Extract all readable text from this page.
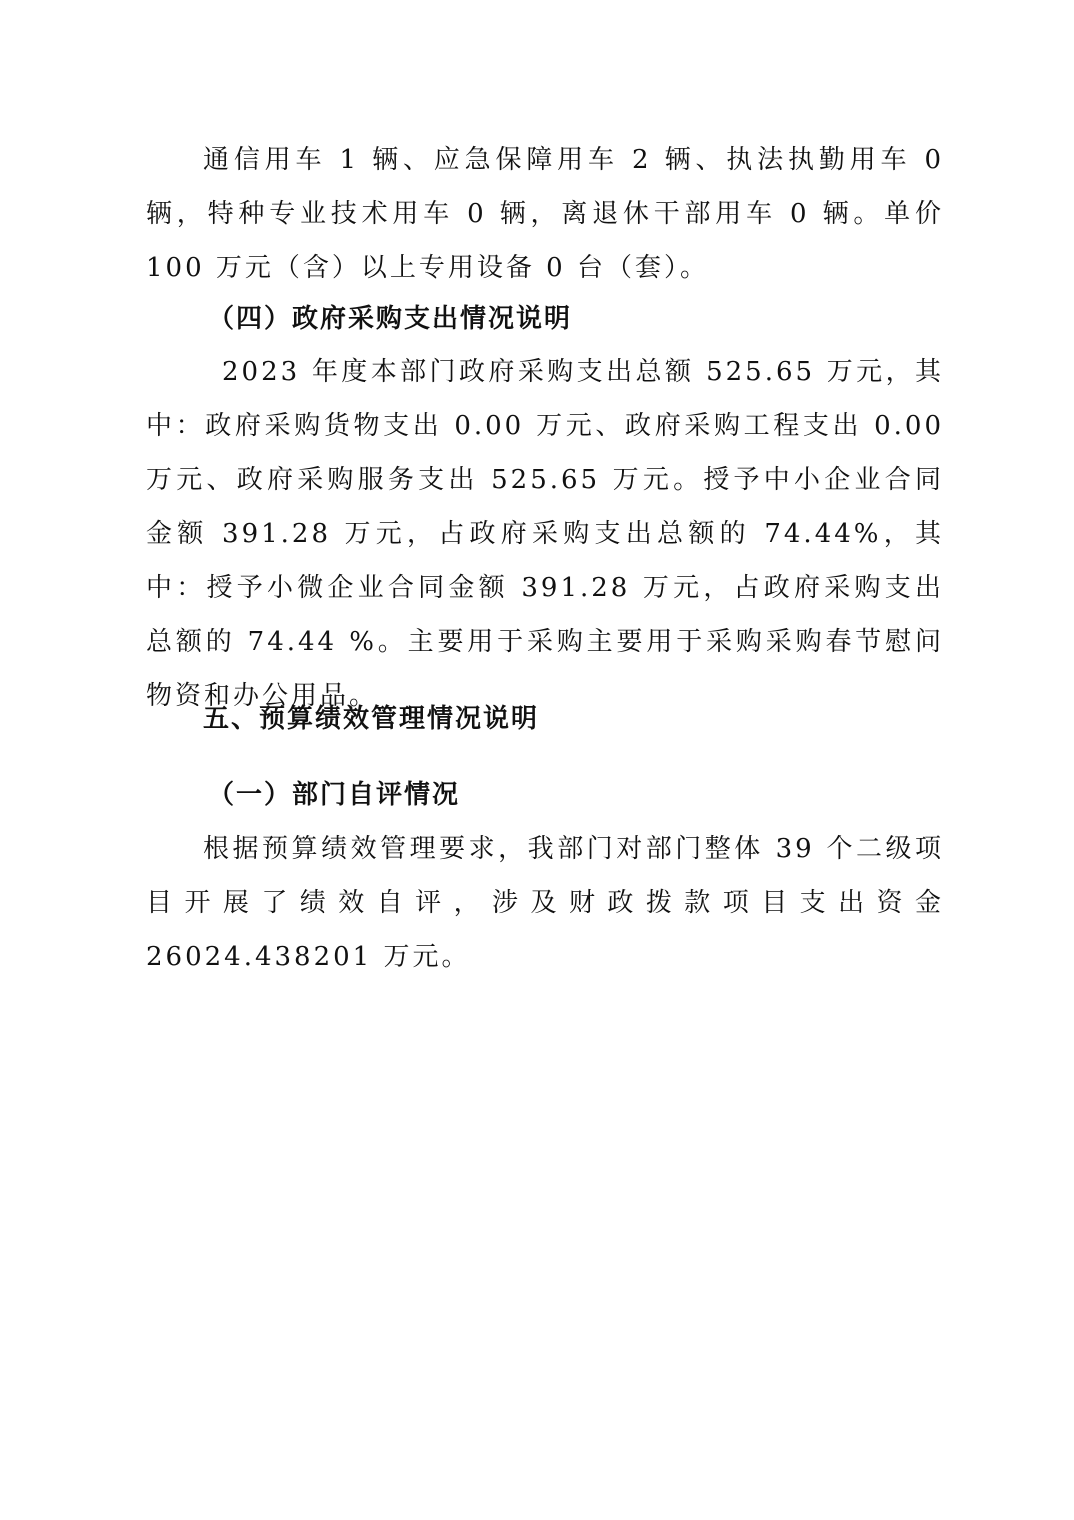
通信用车 1 辆、应急保障用车 2 辆、执法执勤用车 0 辆，特种专业技术用车 0 辆，离退休干部用车 0 辆。单价 100 万元（含）以上专用设备 0 台（套）。

（四）政府采购支出情况说明

2023 年度本部门政府采购支出总额 525.65 万元，其中：政府采购货物支出 0.00 万元、政府采购工程支出 0.00 万元、政府采购服务支出 525.65 万元。授予中小企业合同金额 391.28 万元，占政府采购支出总额的 74.44%，其中：授予小微企业合同金额 391.28 万元，占政府采购支出总额的 74.44 %。主要用于采购主要用于采购采购春节慰问物资和办公用品。

五、预算绩效管理情况说明
（一）部门自评情况

根据预算绩效管理要求，我部门对部门整体 39 个二级项目开展了绩效自评，涉及财政拨款项目支出资金 26024.438201 万元。
